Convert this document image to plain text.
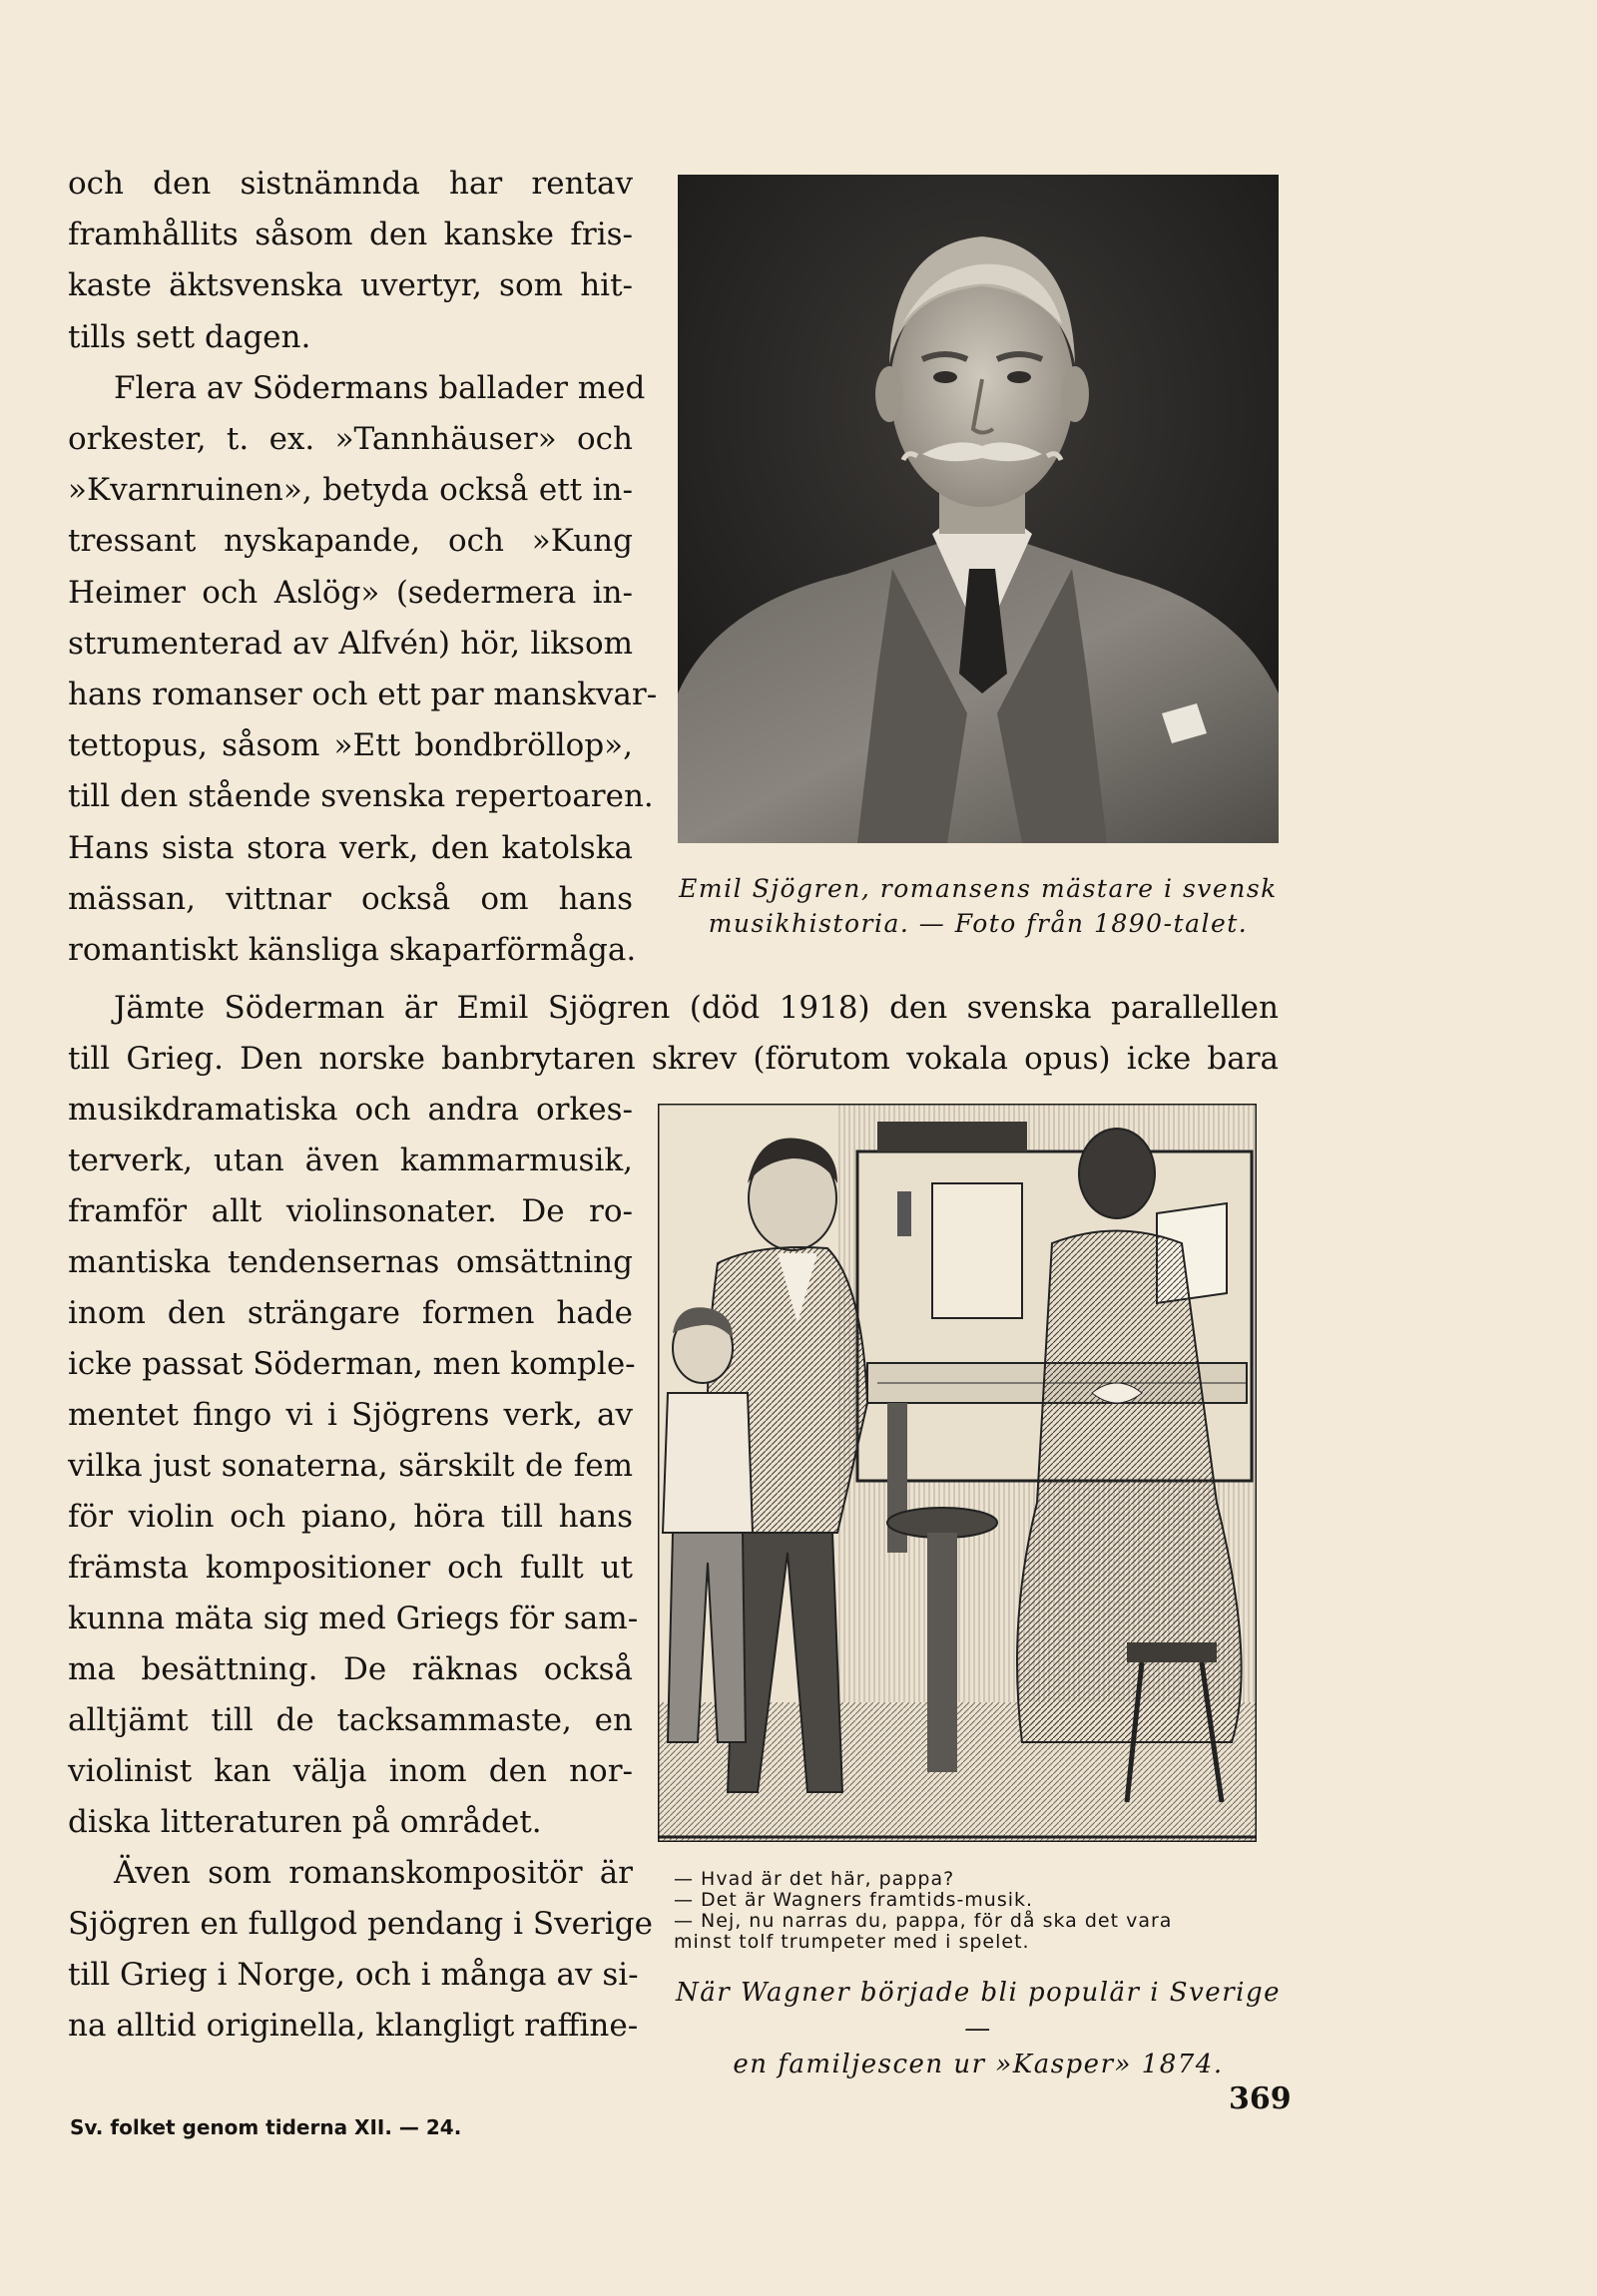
och den sistnämnda har rentav
framhållits såsom den kanske fris-
kaste äktsvenska uvertyr, som hit-
tills sett dagen.
Flera av Södermans ballader med
orkester, t. ex. »Tannhäuser» och
»Kvarnruinen», betyda också ett in-
tressant nyskapande, och »Kung
Heimer och Aslög» (sedermera in-
strumenterad av Alfvén) hör, liksom
hans romanser och ett par manskvar-
tettopus, såsom »Ett bondbröllop»,
till den stående svenska repertoaren.
Hans sista stora verk, den katolska
mässan, vittnar också om hans
romantiskt känsliga skaparförmåga.
Emil Sjögren, romansens mästare i svensk
musikhistoria. — Foto från 1890-talet.
Jämte Söderman är Emil Sjögren (död 1918) den svenska parallellen
till Grieg. Den norske banbrytaren skrev (förutom vokala opus) icke bara
musikdramatiska och andra orkes-
terverk, utan även kammarmusik,
framför allt violinsonater. De ro-
mantiska tendensernas omsättning
inom den strängare formen hade
icke passat Söderman, men komple-
mentet fingo vi i Sjögrens verk, av
vilka just sonaterna, särskilt de fem
för violin och piano, höra till hans
främsta kompositioner och fullt ut
kunna mäta sig med Griegs för sam-
ma besättning. De räknas också
alltjämt till de tacksammaste, en
violinist kan välja inom den nor-
diska litteraturen på området.
Även som romanskompositör är
Sjögren en fullgod pendang i Sverige
till Grieg i Norge, och i många av si-
na alltid originella, klangligt raffine-
— Hvad är det här, pappa?
— Det är Wagners framtids-musik.
— Nej, nu narras du, pappa, för då ska det vara
minst tolf trumpeter med i spelet.
När Wagner började bli populär i Sverige —
en familjescen ur »Kasper» 1874.
Sv. folket genom tiderna XII. — 24.
369
